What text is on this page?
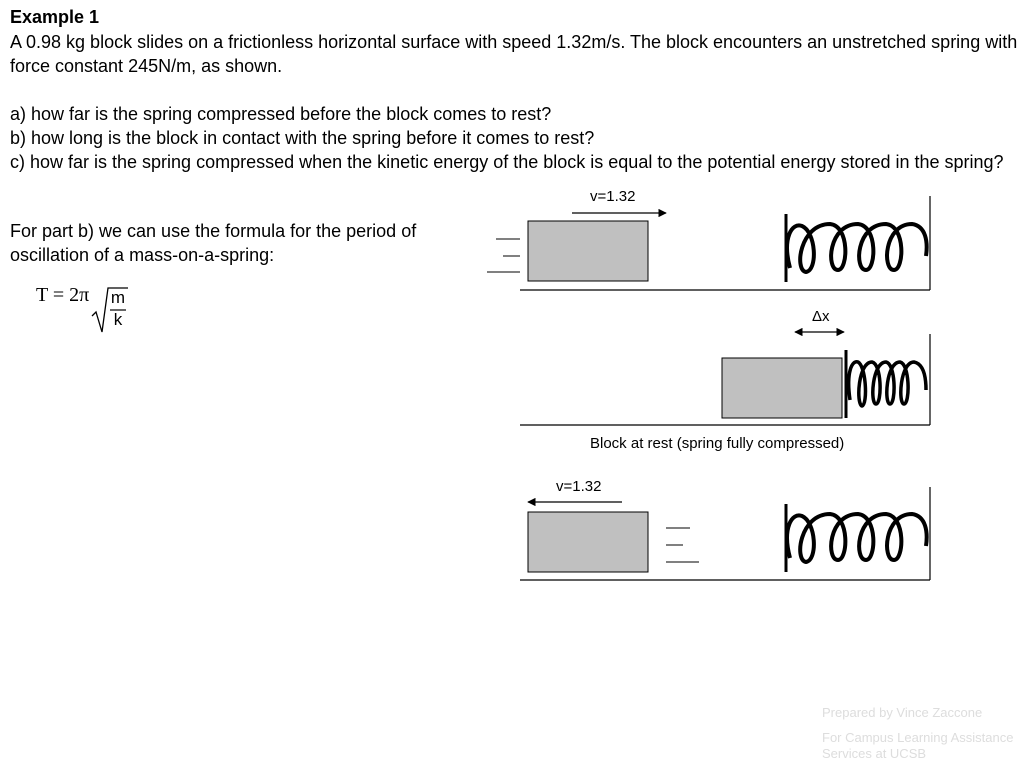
Example 1

A 0.98 kg block slides on a frictionless horizontal surface with speed 1.32m/s. The block encounters an unstretched spring with force constant 245N/m, as shown.

a) how far is the spring compressed before the block comes to rest?

b) how long is the block in contact with the spring before it comes to rest?

c) how far is the spring compressed when the kinetic energy of the block is equal to the potential energy stored in the spring?

For part b) we can use the formula for the period of oscillation of a mass-on-a-spring:
T = 2π m
k
v=1.32
Δx
Block at rest (spring fully compressed)
v=1.32
Prepared by Vince Zaccone
For Campus Learning Assistance Services at UCSB
